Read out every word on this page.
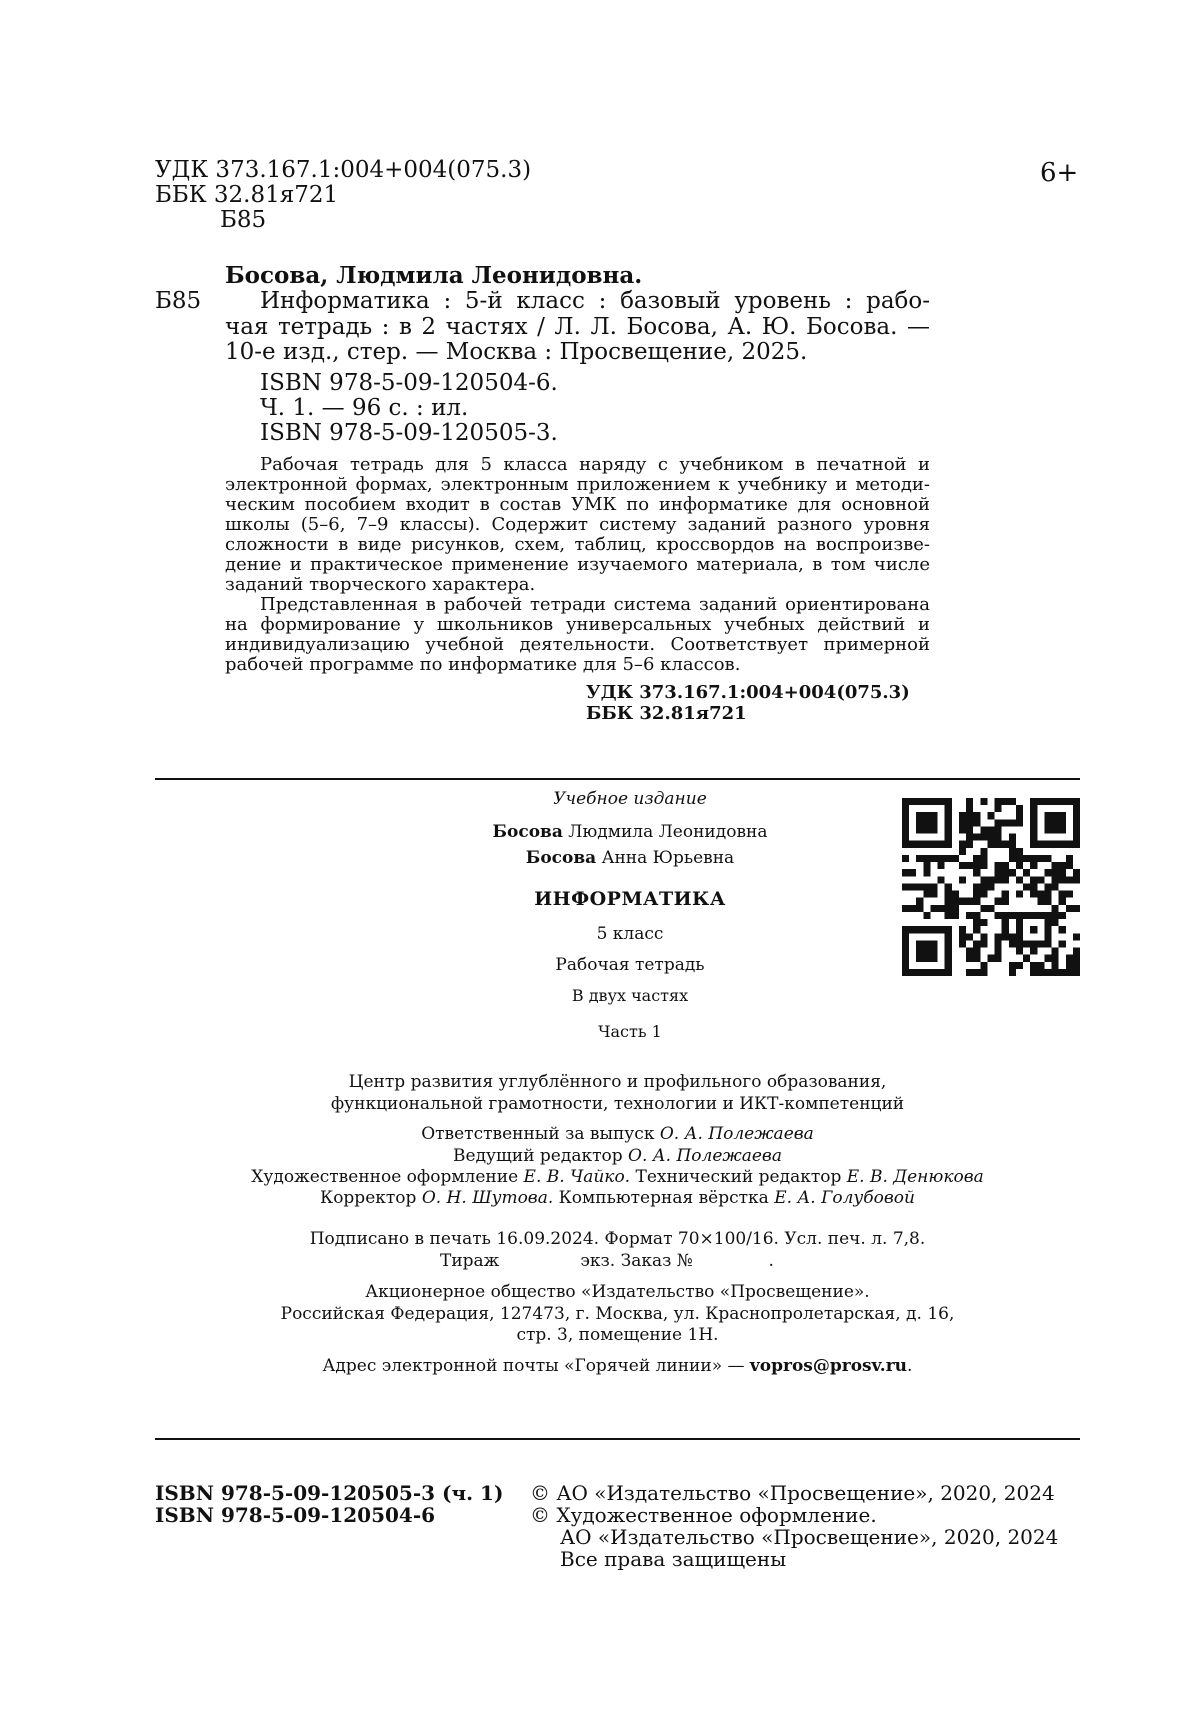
УДК 373.167.1:004+004(075.3)
ББК 32.81я721
Б85
6+
Босова, Людмила Леонидовна.
Б85	Информатика : 5-й класс : базовый уровень : рабо-
чая тетрадь : в 2 частях / Л. Л. Босова, А. Ю. Босова. —
10-е изд., стер. — Москва : Просвещение, 2025.
ISBN 978-5-09-120504-6.
Ч. 1. — 96 с. : ил.
ISBN 978-5-09-120505-3.
Рабочая тетрадь для 5 класса наряду с учебником в печатной и
электронной формах, электронным приложением к учебнику и методи-
ческим пособием входит в состав УМК по информатике для основной
школы (5–6, 7–9 классы). Содержит систему заданий разного уровня
сложности в виде рисунков, схем, таблиц, кроссвордов на воспроизве-
дение и практическое применение изучаемого материала, в том числе
заданий творческого характера.
Представленная в рабочей тетради система заданий ориентирована
на формирование у школьников универсальных учебных действий и
индивидуализацию учебной деятельности. Соответствует примерной
рабочей программе по информатике для 5–6 классов.
УДК 373.167.1:004+004(075.3)
ББК 32.81я721
Учебное издание
Босова Людмила Леонидовна
Босова Анна Юрьевна
ИНФОРМАТИКА
5 класс
Рабочая тетрадь
В двух частях
Часть 1
Центр развития углублённого и профильного образования,
функциональной грамотности, технологии и ИКТ-компетенций
Ответственный за выпуск О. А. Полежаева
Ведущий редактор О. А. Полежаева
Художественное оформление Е. В. Чайко. Технический редактор Е. В. Денюкова
Корректор О. Н. Шутова. Компьютерная вёрстка Е. А. Голубовой
Подписано в печать 16.09.2024. Формат 70×100/16. Усл. печ. л. 7,8.
Тираж               экз. Заказ №              .
Акционерное общество «Издательство «Просвещение».
Российская Федерация, 127473, г. Москва, ул. Краснопролетарская, д. 16,
стр. 3, помещение 1Н.
Адрес электронной почты «Горячей линии» — vopros@prosv.ru.
ISBN 978-5-09-120505-3 (ч. 1)
ISBN 978-5-09-120504-6
© АО «Издательство «Просвещение», 2020, 2024
© Художественное оформление.
АО «Издательство «Просвещение», 2020, 2024
Все права защищены
